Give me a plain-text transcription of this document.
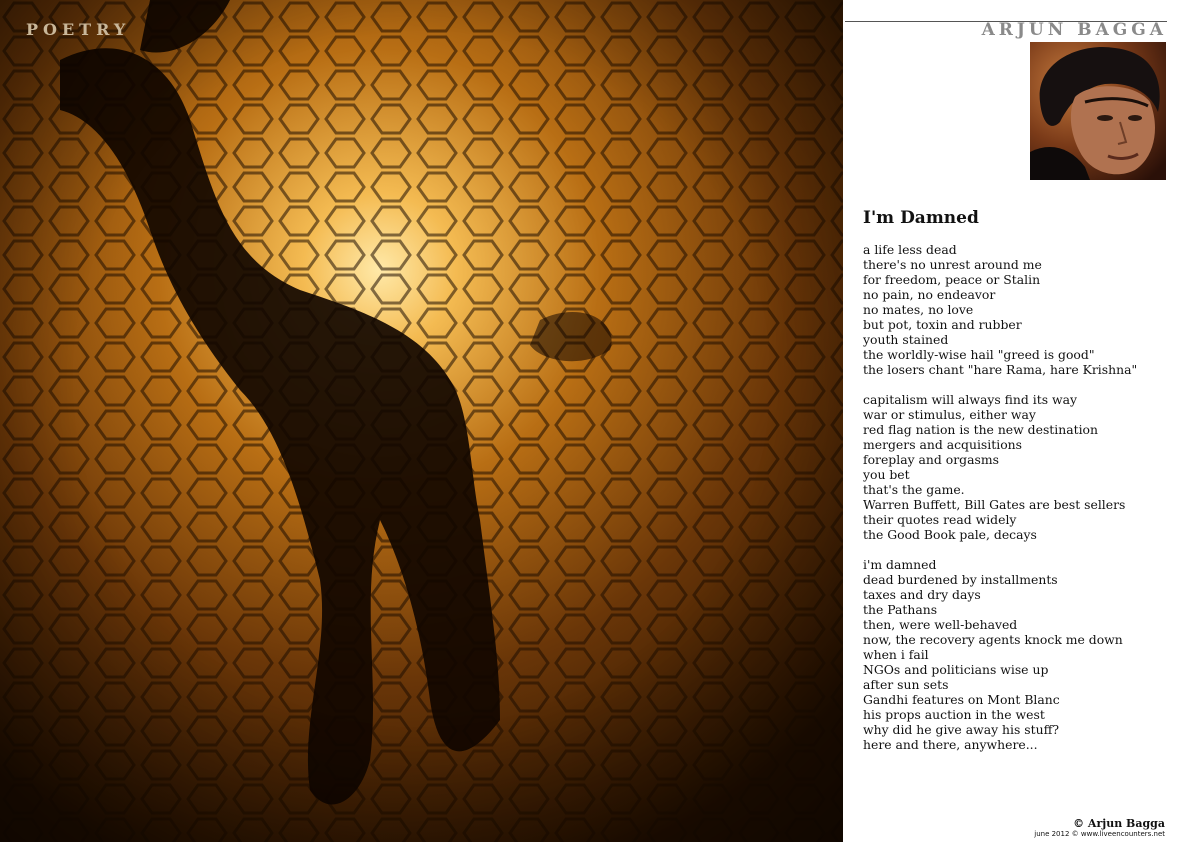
POETRY	ARJUN BAGGA
I'm Damned
a life less dead
there's no unrest around me
for freedom, peace or Stalin
no pain, no endeavor
no mates, no love
but pot, toxin and rubber
youth stained
the worldly-wise hail "greed is good"
the losers chant "hare Rama, hare Krishna"
capitalism will always find its way
war or stimulus, either way
red flag nation is the new destination
mergers and acquisitions
foreplay and orgasms
you bet
that's the game.
Warren Buffett, Bill Gates are best sellers
their quotes read widely
the Good Book pale, decays
i'm damned
dead burdened by installments
taxes and dry days
the Pathans
then, were well-behaved
now, the recovery agents knock me down
when i fail
NGOs and politicians wise up
after sun sets
Gandhi features on Mont Blanc
his props auction in the west
why did he give away his stuff?
here and there, anywhere...
© Arjun Bagga
june 2012 © www.liveencounters.net
